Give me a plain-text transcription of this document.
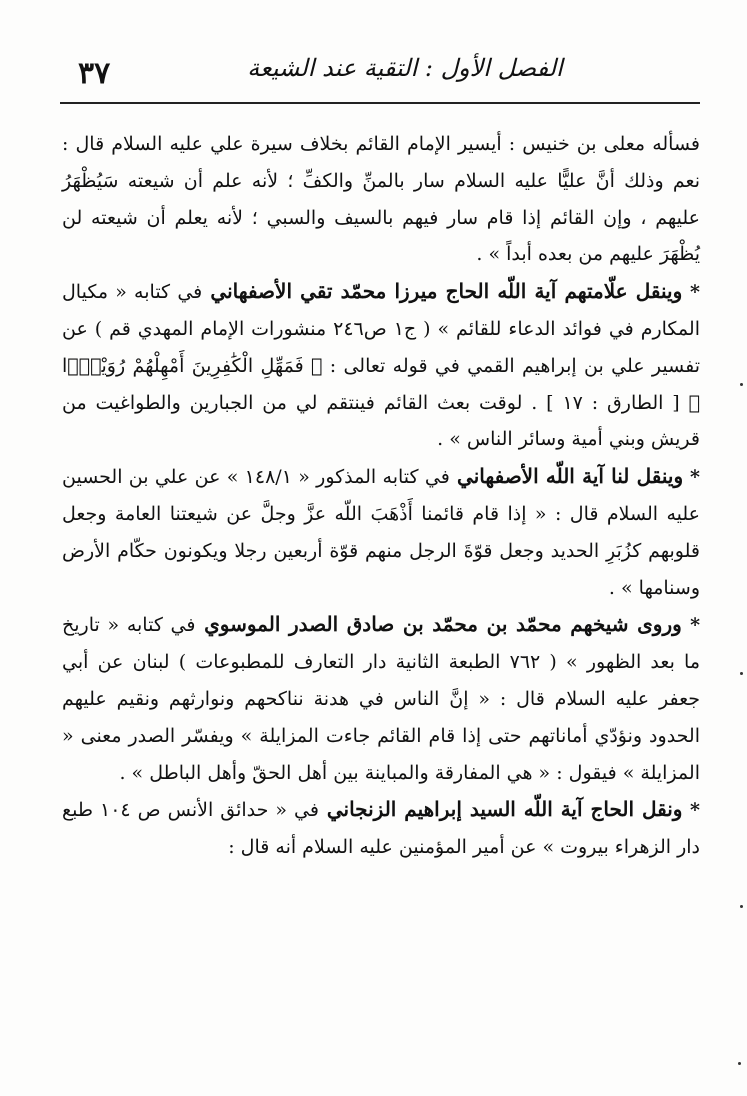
٣٧	الفصل الأول : التقية عند الشيعة

فسأله معلى بن خنيس : أيسير الإمام القائم بخلاف سيرة علي عليه السلام قال : نعم وذلك أنَّ عليًّا عليه السلام سار بالمنِّ والكفِّ ؛ لأنه علم أن شيعته سَيُظْهَرُ عليهم ، وإن القائم إذا قام سار فيهم بالسيف والسبي ؛ لأنه يعلم أن شيعته لن يُظْهَرَ عليهم من بعده أبداً » .

* وينقل علّامتهم آية اللّه الحاج ميرزا محمّد تقي الأصفهاني في كتابه « مكيال المكارم في فوائد الدعاء للقائم » ( ج١ ص٢٤٦ منشورات الإمام المهدي قم ) عن تفسير علي بن إبراهيم القمي في قوله تعالى : ﴿ فَمَهِّلِ الْكَٰفِرِينَ أَمْهِلْهُمْ رُوَيْدًۢا ﴾ [ الطارق : ١٧ ] . لوقت بعث القائم فينتقم لي من الجبارين والطواغيت من قريش وبني أمية وسائر الناس » .

* وينقل لنا آية اللّه الأصفهاني في كتابه المذكور « ١٤٨/١ » عن علي بن الحسين عليه السلام قال : « إذا قام قائمنا أَذْهَبَ اللّه عزَّ وجلَّ عن شيعتنا العامة وجعل قلوبهم كزُبَرِ الحديد وجعل قوّةَ الرجل منهم قوّة أربعين رجلا ويكونون حكّام الأرض وسنامها » .

* وروى شيخهم محمّد بن محمّد بن صادق الصدر الموسوي في كتابه « تاريخ ما بعد الظهور » ( ٧٦٢ الطبعة الثانية دار التعارف للمطبوعات ) لبنان عن أبي جعفر عليه السلام قال : « إنَّ الناس في هدنة نناكحهم ونوارثهم ونقيم عليهم الحدود ونؤدّي أماناتهم حتى إذا قام القائم جاءت المزايلة » ويفسّر الصدر معنى « المزايلة » فيقول : « هي المفارقة والمباينة بين أهل الحقّ وأهل الباطل » .

* ونقل الحاج آية اللّه السيد إبراهيم الزنجاني في « حدائق الأنس ص ١٠٤ طبع دار الزهراء بيروت » عن أمير المؤمنين عليه السلام أنه قال :
